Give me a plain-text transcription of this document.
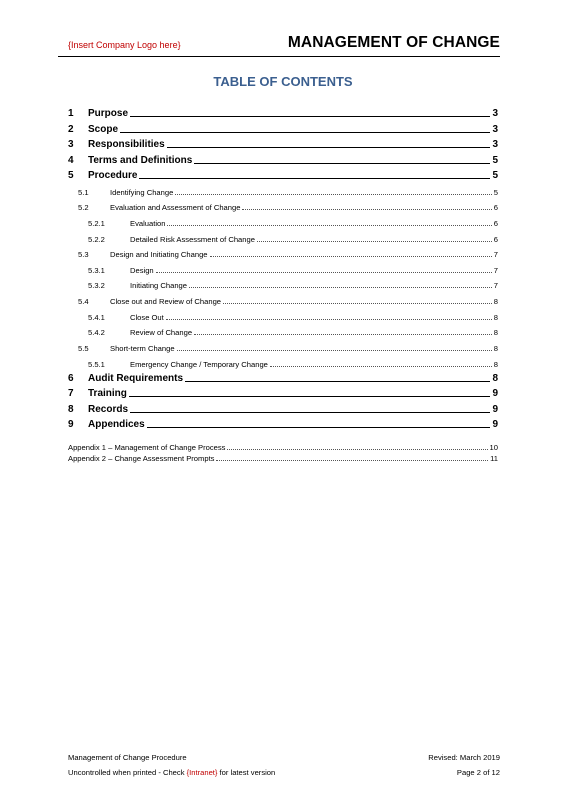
{Insert Company Logo here}	MANAGEMENT OF CHANGE
TABLE OF CONTENTS
1	Purpose	3
2	Scope	3
3	Responsibilities	3
4	Terms and Definitions	5
5	Procedure	5
5.1	Identifying Change	5
5.2	Evaluation and Assessment of Change	6
5.2.1	Evaluation	6
5.2.2	Detailed Risk Assessment of Change	6
5.3	Design and Initiating Change	7
5.3.1	Design	7
5.3.2	Initiating Change	7
5.4	Close out and Review of Change	8
5.4.1	Close Out	8
5.4.2	Review of Change	8
5.5	Short-term Change	8
5.5.1	Emergency Change / Temporary Change	8
6	Audit Requirements	8
7	Training	9
8	Records	9
9	Appendices	9
Appendix 1 – Management of Change Process	10
Appendix 2 – Change Assessment Prompts	11
Management of Change Procedure	Revised: March 2019
Uncontrolled when printed - Check {Intranet} for latest version	Page 2 of 12
